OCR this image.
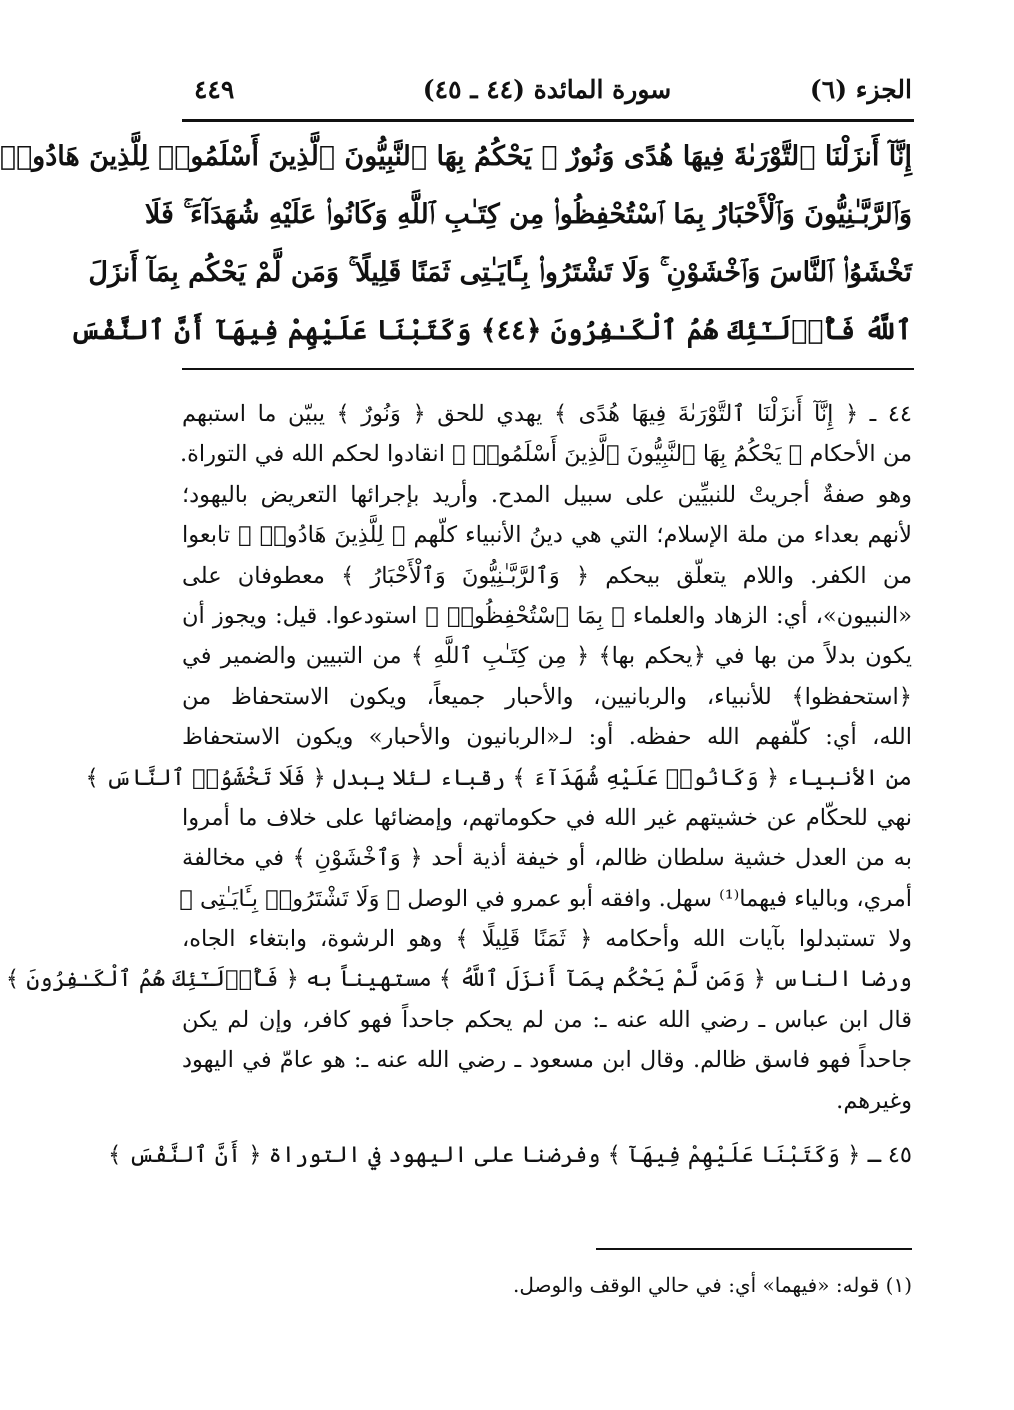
الجزء (٦)
سورة المائدة (٤٤ ـ ٤٥)
٤٤٩
إِنَّآ أَنزَلْنَا ٱلتَّوْرَىٰةَ فِيهَا هُدًى وَنُورٌ ۚ يَحْكُمُ بِهَا ٱلنَّبِيُّونَ ٱلَّذِينَ أَسْلَمُوا۟ لِلَّذِينَ هَادُوا۟
وَٱلرَّبَّـٰنِيُّونَ وَٱلْأَحْبَارُ بِمَا ٱسْتُحْفِظُوا۟ مِن كِتَـٰبِ ٱللَّهِ وَكَانُوا۟ عَلَيْهِ شُهَدَآءَ ۚ فَلَا
تَخْشَوُا۟ ٱلنَّاسَ وَٱخْشَوْنِ ۚ وَلَا تَشْتَرُوا۟ بِـَٔايَـٰتِى ثَمَنًا قَلِيلًا ۚ وَمَن لَّمْ يَحْكُم بِمَآ أَنزَلَ
ٱللَّهُ فَأُو۟لَـٰٓئِكَ هُمُ ٱلْكَـٰفِرُونَ ﴿٤٤﴾ وَكَتَبْنَا عَلَيْهِمْ فِيهَآ أَنَّ ٱلنَّفْسَ
٤٤ ـ ﴿ إِنَّآ أَنزَلْنَا ٱلتَّوْرَىٰةَ فِيهَا هُدًى ﴾ يهدي للحق ﴿ وَنُورٌ ﴾ يبيّن ما استبهم
من الأحكام ﴿ يَحْكُمُ بِهَا ٱلنَّبِيُّونَ ٱلَّذِينَ أَسْلَمُوا۟ ﴾ انقادوا لحكم الله في التوراة.
وهو صفةٌ أجريتْ للنبيِّين على سبيل المدح. وأريد بإجرائها التعريض باليهود؛
لأنهم بعداء من ملة الإسلام؛ التي هي دينُ الأنبياء كلّهم ﴿ لِلَّذِينَ هَادُوا۟ ﴾ تابعوا
من الكفر. واللام يتعلّق بيحكم ﴿ وَٱلرَّبَّـٰنِيُّونَ وَٱلْأَحْبَارُ ﴾ معطوفان على
«النبيون»، أي: الزهاد والعلماء ﴿ بِمَا ٱسْتُحْفِظُوا۟ ﴾ استودعوا. قيل: ويجوز أن
يكون بدلاً من بها في ﴿يحكم بها﴾ ﴿ مِن كِتَـٰبِ ٱللَّهِ ﴾ من التبيين والضمير في
﴿استحفظوا﴾ للأنبياء، والربانيين، والأحبار جميعاً، ويكون الاستحفاظ من
الله، أي: كلّفهم الله حفظه. أو: لـ«الربانيون والأحبار» ويكون الاستحفاظ
من الأنبياء ﴿ وَكَانُوا۟ عَلَيْهِ شُهَدَآءَ ﴾ رقباء لئلا يبدل ﴿ فَلَا تَخْشَوُا۟ ٱلنَّاسَ ﴾
نهي للحكّام عن خشيتهم غير الله في حكوماتهم، وإمضائها على خلاف ما أمروا
به من العدل خشية سلطان ظالم، أو خيفة أذية أحد ﴿ وَٱخْشَوْنِ ﴾ في مخالفة
أمري، وبالياء فيهما⁽¹⁾ سهل. وافقه أبو عمرو في الوصل ﴿ وَلَا تَشْتَرُوا۟ بِـَٔايَـٰتِى ﴾
ولا تستبدلوا بآيات الله وأحكامه ﴿ ثَمَنًا قَلِيلًا ﴾ وهو الرشوة، وابتغاء الجاه،
ورضا الناس ﴿ وَمَن لَّمْ يَحْكُم بِمَآ أَنزَلَ ٱللَّهُ ﴾ مستهيناً به ﴿ فَأُو۟لَـٰٓئِكَ هُمُ ٱلْكَـٰفِرُونَ ﴾
قال ابن عباس ـ رضي الله عنه ـ: من لم يحكم جاحداً فهو كافر، وإن لم يكن
جاحداً فهو فاسق ظالم. وقال ابن مسعود ـ رضي الله عنه ـ: هو عامّ في اليهود
وغيرهم.
٤٥ ـ ﴿ وَكَتَبْنَا عَلَيْهِمْ فِيهَآ ﴾ وفرضنا على اليهود في التوراة ﴿ أَنَّ ٱلنَّفْسَ ﴾
(١) قوله: «فيهما» أي: في حالي الوقف والوصل.
